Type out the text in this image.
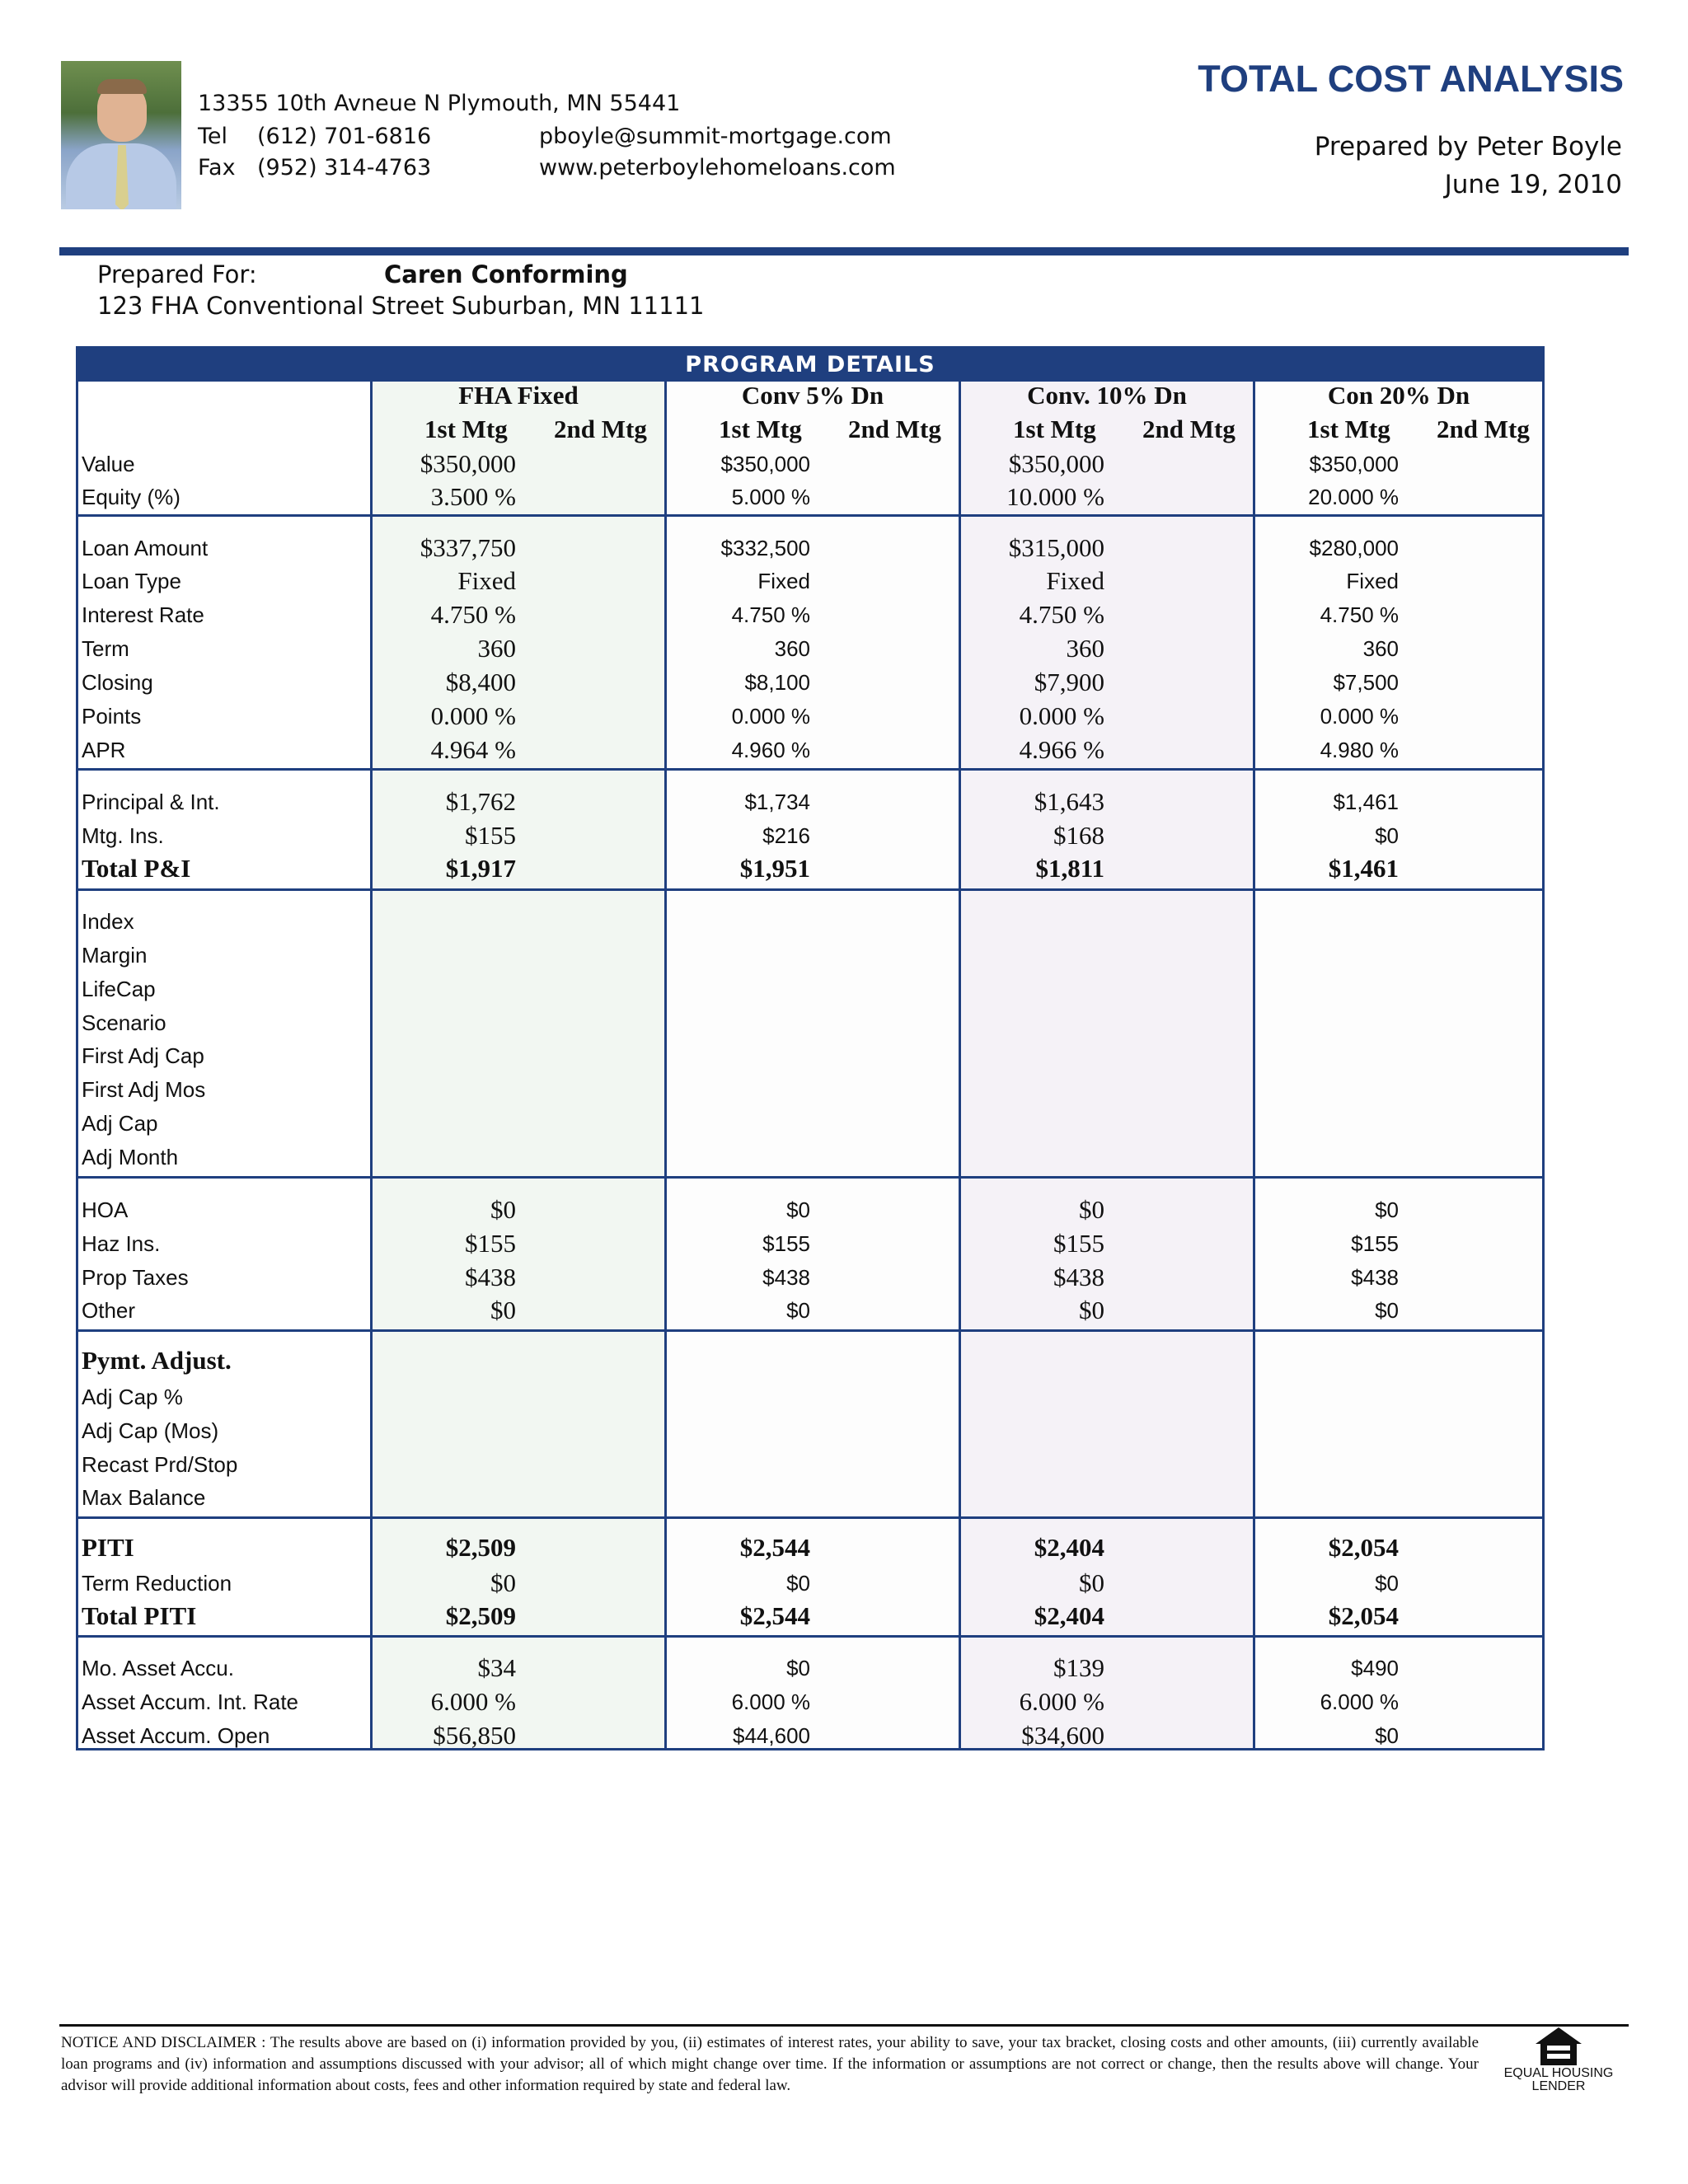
13355 10th Avneue N Plymouth, MN 55441
Tel (612) 701-6816
Fax (952) 314-4763
pboyle@summit-mortgage.com
www.peterboylehomeloans.com
TOTAL COST ANALYSIS
Prepared by Peter Boyle
June 19, 2010
Prepared For:	Caren Conforming
123 FHA Conventional Street Suburban, MN 11111
PROGRAM DETAILS
FHA Fixed	Conv 5% Dn	Conv. 10% Dn	Con 20% Dn
1st Mtg 2nd Mtg	1st Mtg 2nd Mtg	1st Mtg 2nd Mtg	1st Mtg 2nd Mtg
Value	$350,000	$350,000	$350,000	$350,000
Equity (%)	3.500 %	5.000 %	10.000 %	20.000 %
Loan Amount	$337,750	$332,500	$315,000	$280,000
Loan Type	Fixed	Fixed	Fixed	Fixed
Interest Rate	4.750 %	4.750 %	4.750 %	4.750 %
Term	360	360	360	360
Closing	$8,400	$8,100	$7,900	$7,500
Points	0.000 %	0.000 %	0.000 %	0.000 %
APR	4.964 %	4.960 %	4.966 %	4.980 %
Principal & Int.	$1,762	$1,734	$1,643	$1,461
Mtg. Ins.	$155	$216	$168	$0
Total P&I	$1,917	$1,951	$1,811	$1,461
Index
Margin
LifeCap
Scenario
First Adj Cap
First Adj Mos
Adj Cap
Adj Month
HOA	$0	$0	$0	$0
Haz Ins.	$155	$155	$155	$155
Prop Taxes	$438	$438	$438	$438
Other	$0	$0	$0	$0
Pymt. Adjust.
Adj Cap %
Adj Cap (Mos)
Recast Prd/Stop
Max Balance
PITI	$2,509	$2,544	$2,404	$2,054
Term Reduction	$0	$0	$0	$0
Total PITI	$2,509	$2,544	$2,404	$2,054
Mo. Asset Accu.	$34	$0	$139	$490
Asset Accum. Int. Rate	6.000 %	6.000 %	6.000 %	6.000 %
Asset Accum. Open	$56,850	$44,600	$34,600	$0
NOTICE AND DISCLAIMER : The results above are based on (i) information provided by you, (ii) estimates of interest rates, your ability to save, your tax bracket, closing costs and other amounts, (iii) currently available loan programs and (iv) information and assumptions discussed with your advisor; all of which might change over time. If the information or assumptions are not correct or change, then the results above will change. Your advisor will provide additional information about costs, fees and other information required by state and federal law.
EQUAL HOUSING
LENDER
